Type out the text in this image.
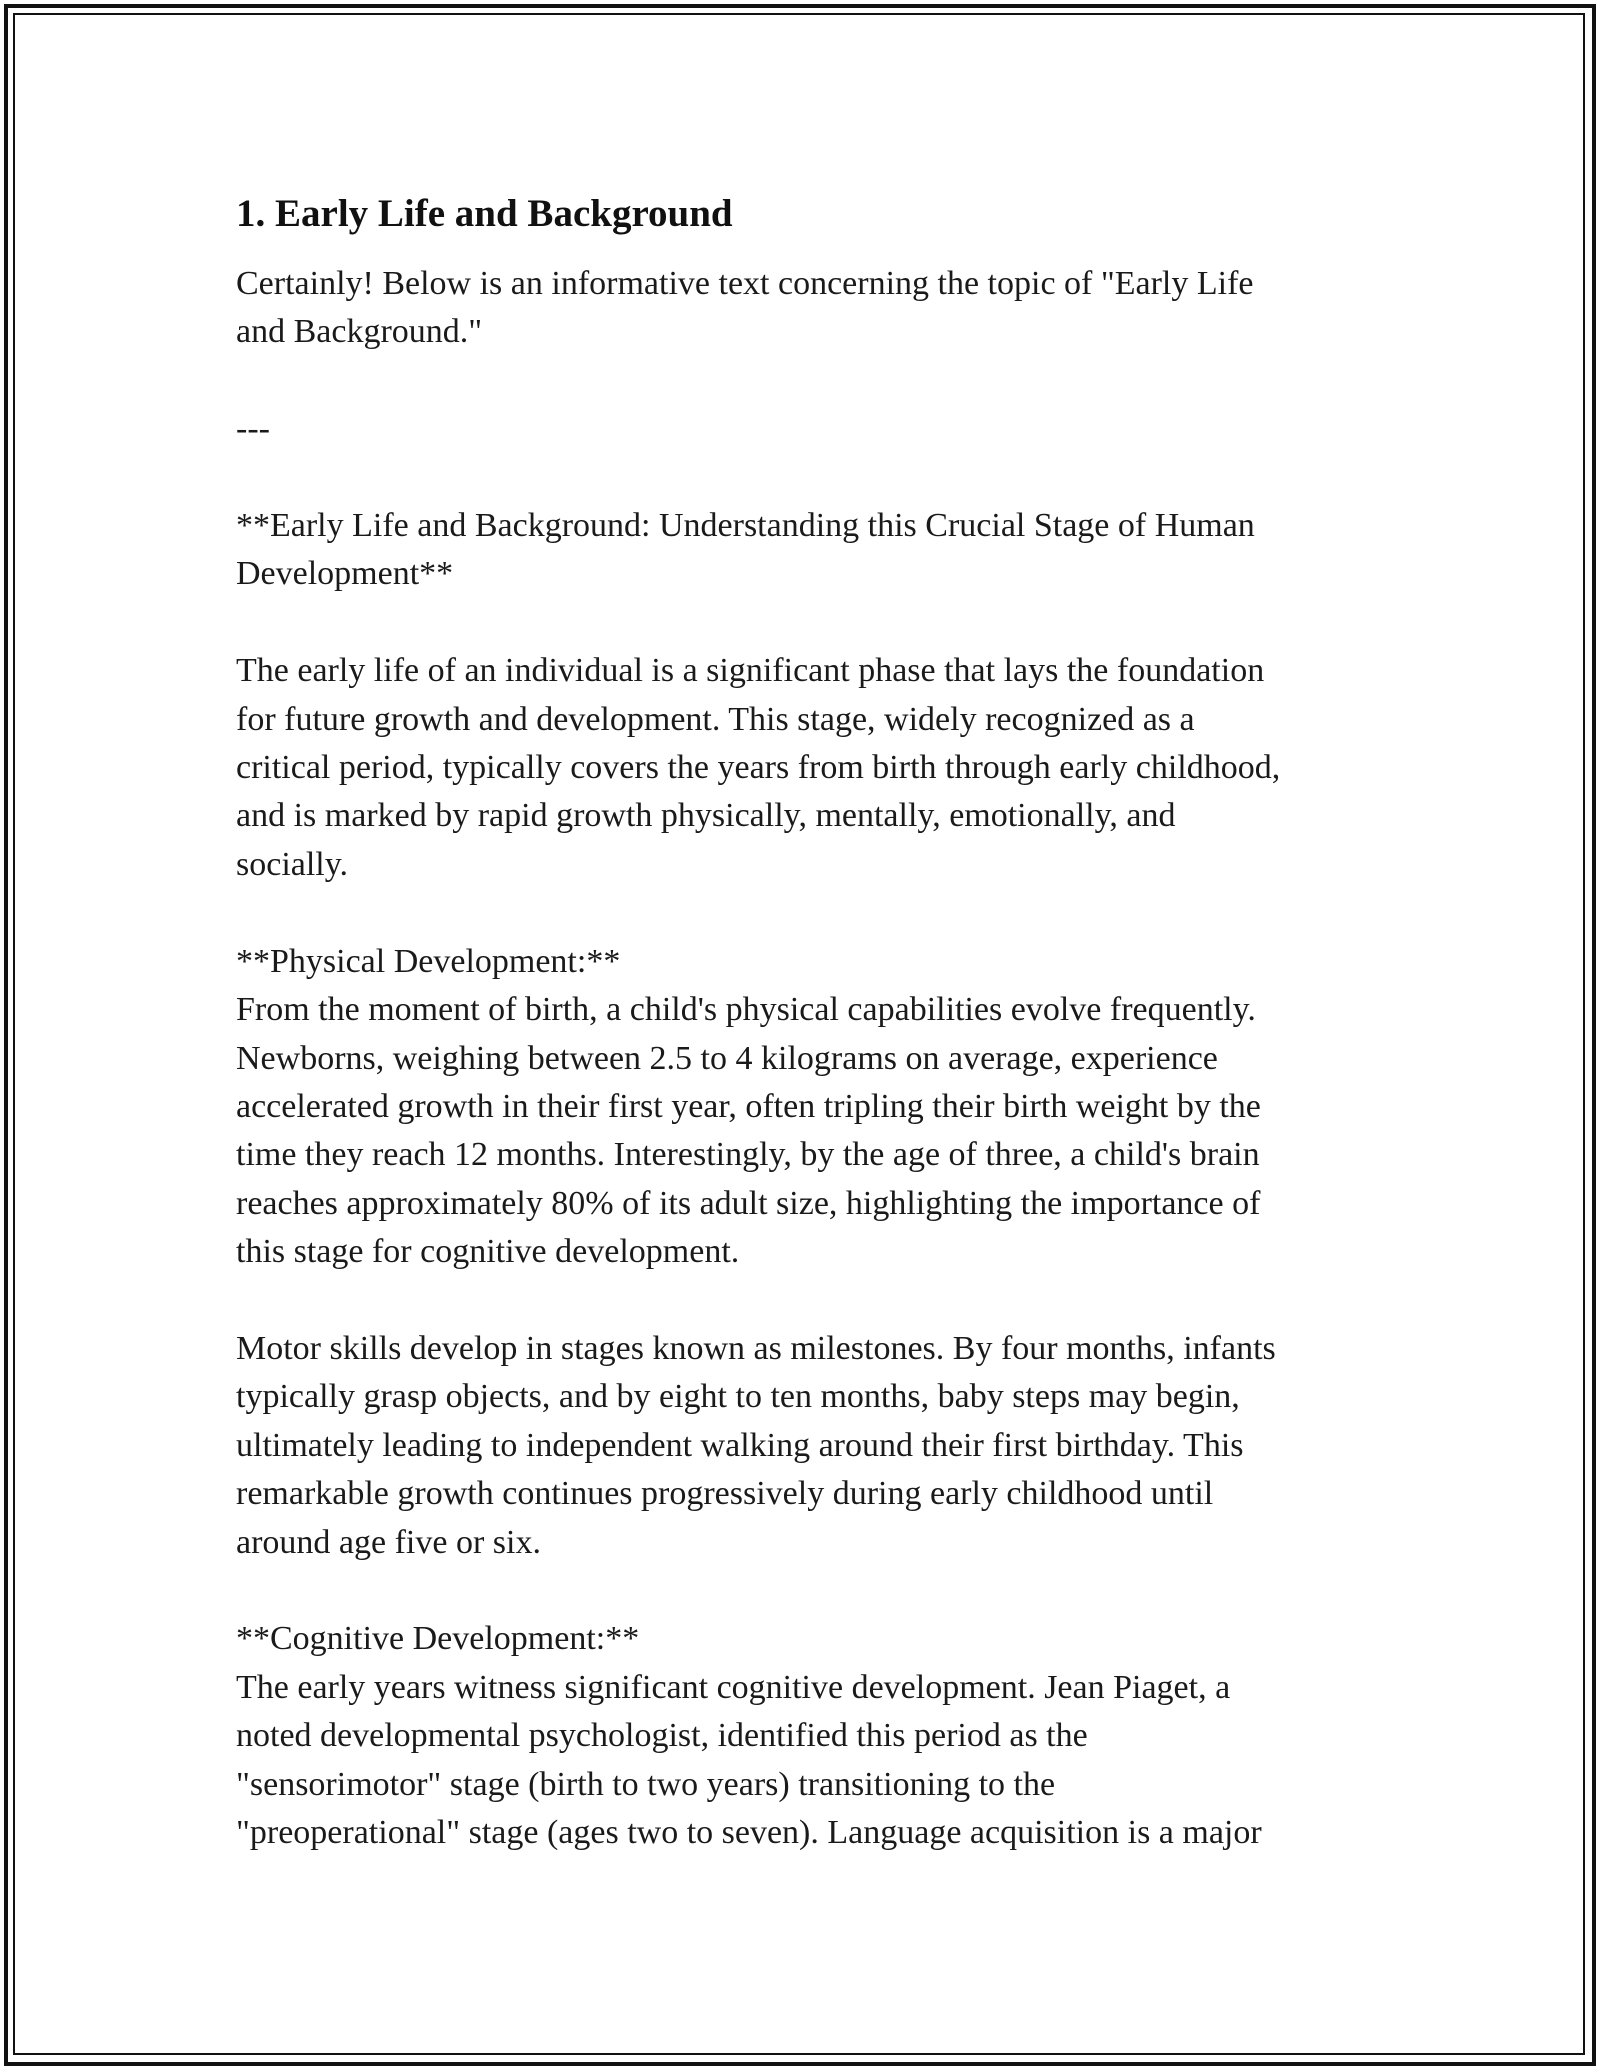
1. Early Life and Background

Certainly! Below is an informative text concerning the topic of "Early Life
and Background."

---

**Early Life and Background: Understanding this Crucial Stage of Human
Development**

The early life of an individual is a significant phase that lays the foundation
for future growth and development. This stage, widely recognized as a
critical period, typically covers the years from birth through early childhood,
and is marked by rapid growth physically, mentally, emotionally, and
socially.

**Physical Development:**
From the moment of birth, a child's physical capabilities evolve frequently.
Newborns, weighing between 2.5 to 4 kilograms on average, experience
accelerated growth in their first year, often tripling their birth weight by the
time they reach 12 months. Interestingly, by the age of three, a child's brain
reaches approximately 80% of its adult size, highlighting the importance of
this stage for cognitive development.

Motor skills develop in stages known as milestones. By four months, infants
typically grasp objects, and by eight to ten months, baby steps may begin,
ultimately leading to independent walking around their first birthday. This
remarkable growth continues progressively during early childhood until
around age five or six.

**Cognitive Development:**
The early years witness significant cognitive development. Jean Piaget, a
noted developmental psychologist, identified this period as the
"sensorimotor" stage (birth to two years) transitioning to the
"preoperational" stage (ages two to seven). Language acquisition is a major
